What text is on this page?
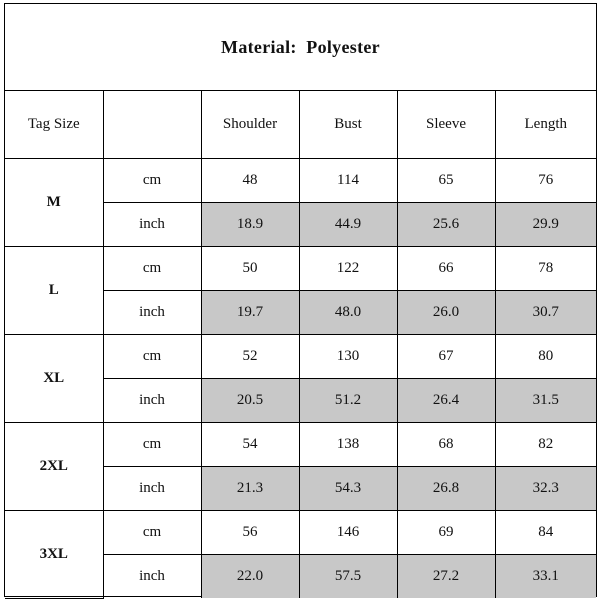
Material:  Polyester
Tag Size		Shoulder	Bust	Sleeve	Length
M	cm	48	114	65	76
	inch	18.9	44.9	25.6	29.9
L	cm	50	122	66	78
	inch	19.7	48.0	26.0	30.7
XL	cm	52	130	67	80
	inch	20.5	51.2	26.4	31.5
2XL	cm	54	138	68	82
	inch	21.3	54.3	26.8	32.3
3XL	cm	56	146	69	84
	inch	22.0	57.5	27.2	33.1
